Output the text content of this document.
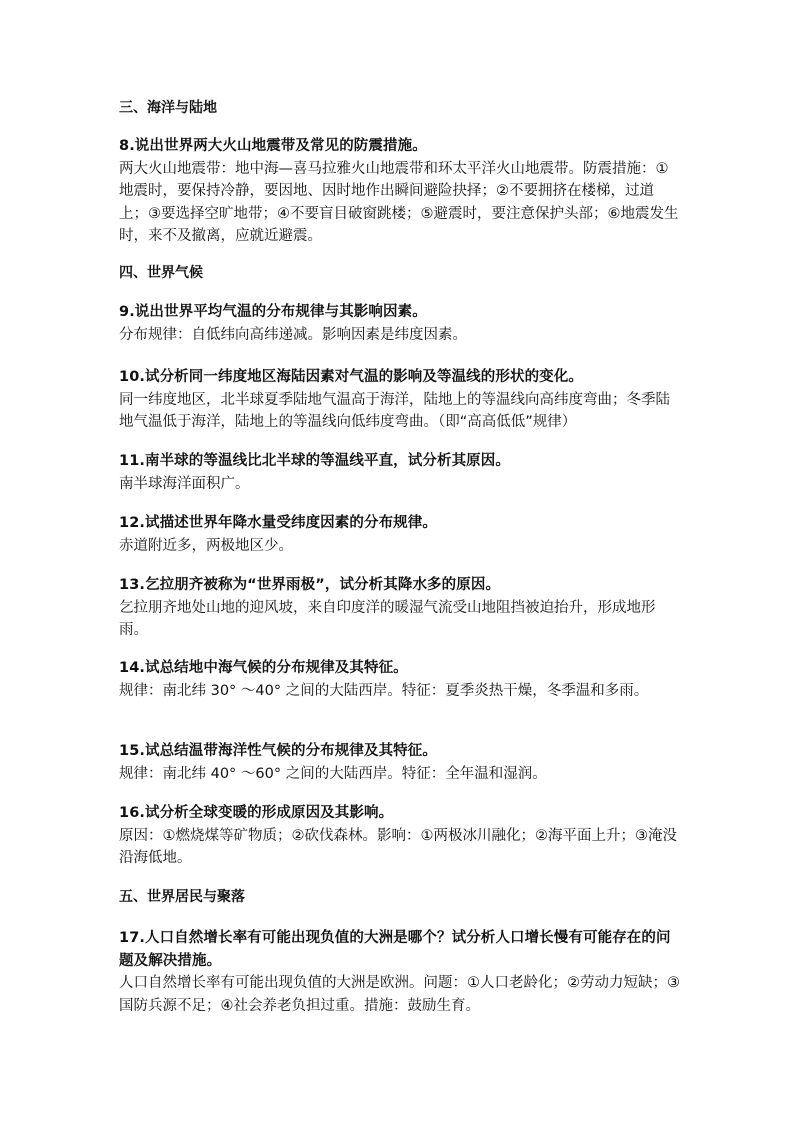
三、海洋与陆地
8.说出世界两大火山地震带及常见的防震措施。
两大火山地震带：地中海—喜马拉雅火山地震带和环太平洋火山地震带。防震措施：①地震时，要保持冷静，要因地、因时地作出瞬间避险抉择；②不要拥挤在楼梯，过道上；③要选择空旷地带；④不要盲目破窗跳楼；⑤避震时，要注意保护头部；⑥地震发生时，来不及撤离，应就近避震。
四、世界气候
9.说出世界平均气温的分布规律与其影响因素。
分布规律：自低纬向高纬递减。影响因素是纬度因素。
10.试分析同一纬度地区海陆因素对气温的影响及等温线的形状的变化。
同一纬度地区，北半球夏季陆地气温高于海洋，陆地上的等温线向高纬度弯曲；冬季陆地气温低于海洋，陆地上的等温线向低纬度弯曲。（即“高高低低”规律）
11.南半球的等温线比北半球的等温线平直，试分析其原因。
南半球海洋面积广。
12.试描述世界年降水量受纬度因素的分布规律。
赤道附近多，两极地区少。
13.乞拉朋齐被称为“世界雨极”，试分析其降水多的原因。
乞拉朋齐地处山地的迎风坡，来自印度洋的暖湿气流受山地阻挡被迫抬升，形成地形雨。
14.试总结地中海气候的分布规律及其特征。
规律：南北纬 30° ～40° 之间的大陆西岸。特征：夏季炎热干燥，冬季温和多雨。
15.试总结温带海洋性气候的分布规律及其特征。
规律：南北纬 40° ～60° 之间的大陆西岸。特征：全年温和湿润。
16.试分析全球变暖的形成原因及其影响。
原因：①燃烧煤等矿物质；②砍伐森林。影响：①两极冰川融化；②海平面上升；③淹没沿海低地。
五、世界居民与聚落
17.人口自然增长率有可能出现负值的大洲是哪个？试分析人口增长慢有可能存在的问题及解决措施。
人口自然增长率有可能出现负值的大洲是欧洲。问题：①人口老龄化；②劳动力短缺；③国防兵源不足；④社会养老负担过重。措施：鼓励生育。
